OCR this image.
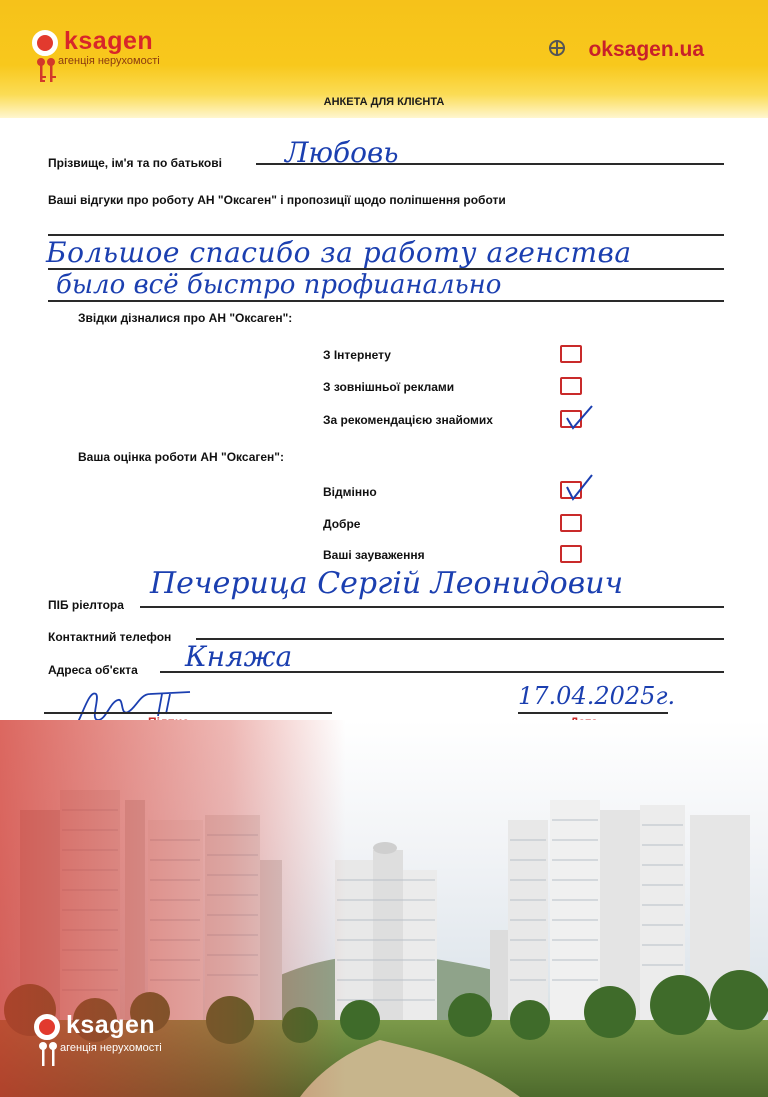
ksagen
агенція нерухомості	oksagen.ua
АНКЕТА ДЛЯ КЛІЄНТА
Прізвище, ім'я та по батькові Любовь
Ваші відгуки про роботу АН "Оксаген" і пропозиції щодо поліпшення роботи
Большое спасибо за работу агенства
было всё быстро профианально
Звідки дізналися про АН "Оксаген":
З Інтернету
З зовнішньої реклами
За рекомендацією знайомих
Ваша оцінка роботи АН "Оксаген":
Відмінно
Добре
Ваші зауваження
ПІБ ріелтора
Печерица Сергій Леонидович
Контактний телефон
Адреса об'єкта Княжа
17.04.2025г.
ksagen
агенція нерухомості
